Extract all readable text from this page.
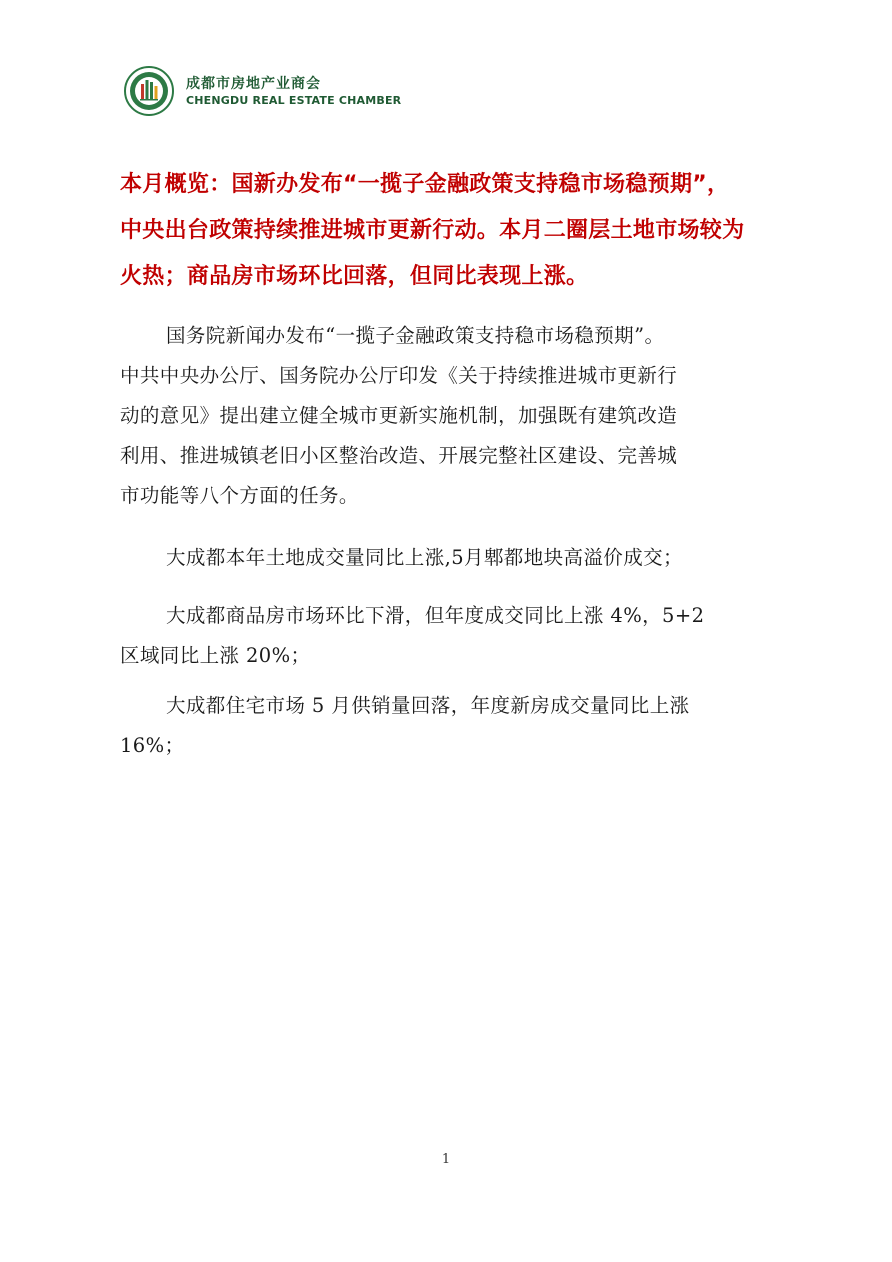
成都市房地产业商会
CHENGDU REAL ESTATE CHAMBER
本月概览：国新办发布“一揽子金融政策支持稳市场稳预期”，
中央出台政策持续推进城市更新行动。本月二圈层土地市场较为
火热；商品房市场环比回落，但同比表现上涨。
国务院新闻办发布“一揽子金融政策支持稳市场稳预期”。
中共中央办公厅、国务院办公厅印发《关于持续推进城市更新行
动的意见》提出建立健全城市更新实施机制，加强既有建筑改造
利用、推进城镇老旧小区整治改造、开展完整社区建设、完善城
市功能等八个方面的任务。
大成都本年土地成交量同比上涨,5月郫都地块高溢价成交；
大成都商品房市场环比下滑，但年度成交同比上涨 4%，5+2
区域同比上涨 20%；
大成都住宅市场 5 月供销量回落，年度新房成交量同比上涨
16%；
1
